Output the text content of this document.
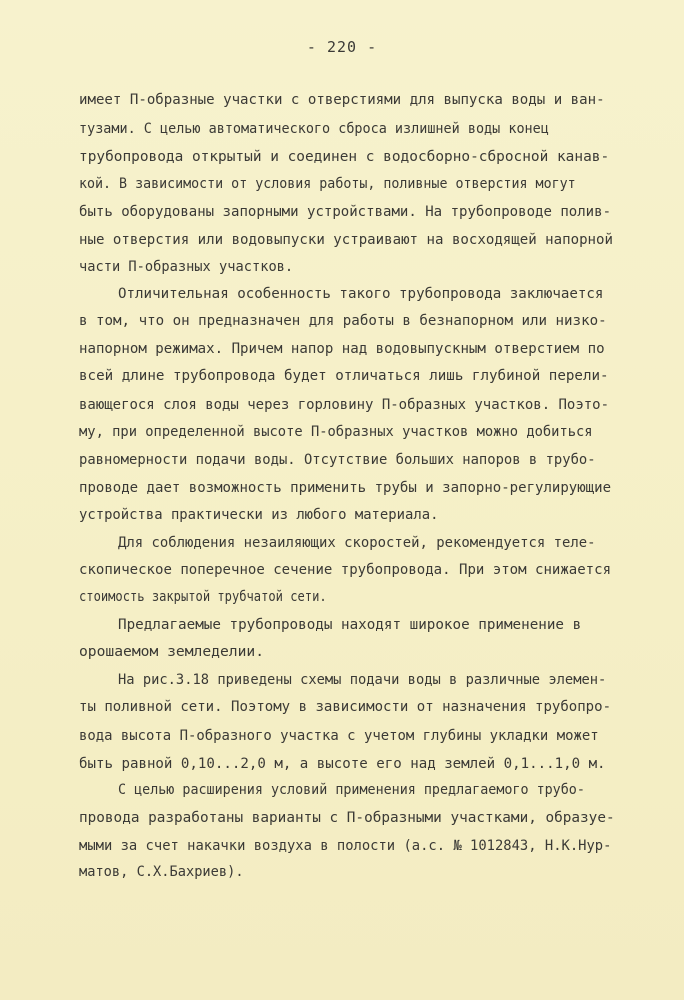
- 220 -
имеет П-образные участки с отверстиями для выпуска воды и ван-
тузами. С целью автоматического сброса излишней воды конец
трубопровода открытый и соединен с водосборно-сбросной канав-
кой. В зависимости от условия работы, поливные отверстия могут
быть оборудованы запорными устройствами. На трубопроводе полив-
ные отверстия или водовыпуски устраивают на восходящей напорной
части П-образных участков.
Отличительная особенность такого трубопровода заключается
в том, что он предназначен для работы в безнапорном или низко-
напорном режимах. Причем напор над водовыпускным отверстием по
всей длине трубопровода будет отличаться лишь глубиной перели-
вающегося слоя воды через горловину П-образных участков. Поэто-
му, при определенной высоте П-образных участков можно добиться
равномерности подачи воды. Отсутствие больших напоров в трубо-
проводе дает возможность применить трубы и запорно-регулирующие
устройства практически из любого материала.
Для соблюдения незаиляющих скоростей, рекомендуется теле-
скопическое поперечное сечение трубопровода. При этом снижается
стоимость закрытой трубчатой сети.
Предлагаемые трубопроводы находят широкое применение в
орошаемом земледелии.
На рис.3.18 приведены схемы подачи воды в различные элемен-
ты поливной сети. Поэтому в зависимости от назначения трубопро-
вода высота П-образного участка с учетом глубины укладки может
быть равной 0,10...2,0 м, а высоте его над землей 0,1...1,0 м.
С целью расширения условий применения предлагаемого трубо-
провода разработаны варианты с П-образными участками, образуе-
мыми за счет накачки воздуха в полости (а.с. № 1012843, Н.К.Нур-
матов, С.Х.Бахриев).
